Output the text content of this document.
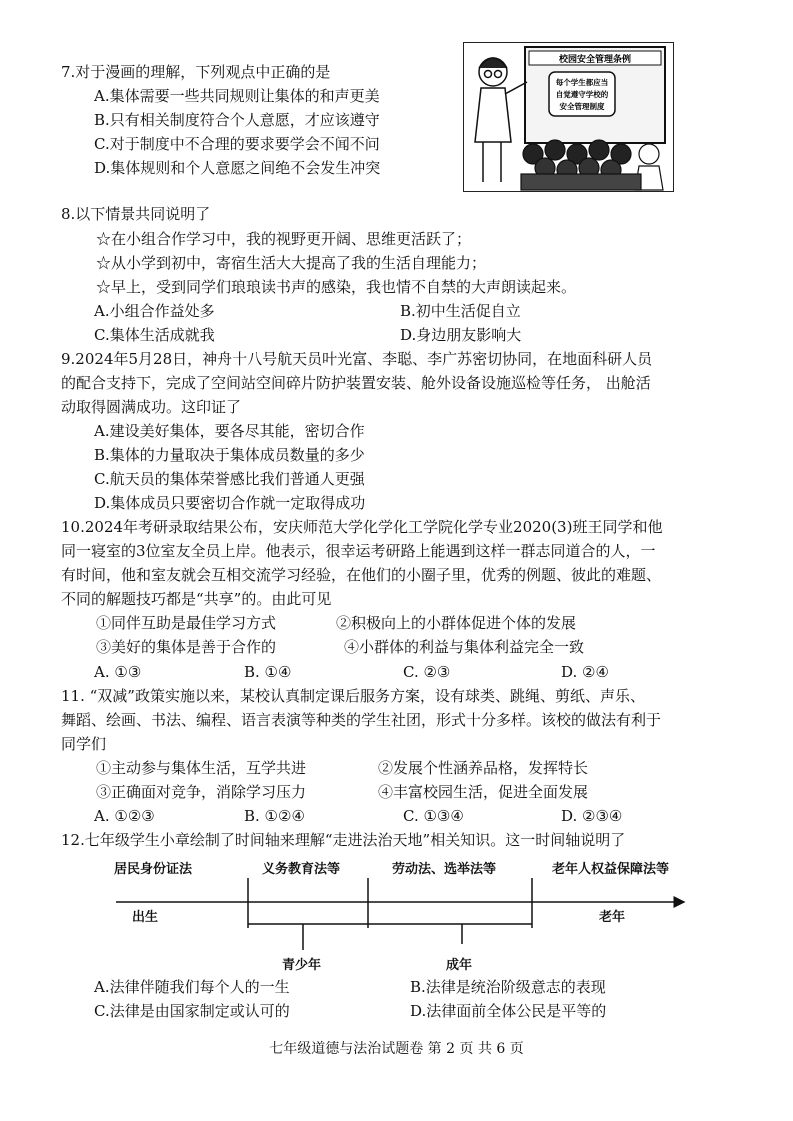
7.对于漫画的理解，下列观点中正确的是
A.集体需要一些共同规则让集体的和声更美
B.只有相关制度符合个人意愿，才应该遵守
C.对于制度中不合理的要求要学会不闻不问
D.集体规则和个人意愿之间绝不会发生冲突
校园安全管理条例
每个学生都应当
自觉遵守学校的
安全管理制度
8.以下情景共同说明了
☆在小组合作学习中，我的视野更开阔、思维更活跃了；
☆从小学到初中，寄宿生活大大提高了我的生活自理能力；
☆早上，受到同学们琅琅读书声的感染，我也情不自禁的大声朗读起来。
A.小组合作益处多	B.初中生活促自立
C.集体生活成就我	D.身边朋友影响大
9.2024年5月28日，神舟十八号航天员叶光富、李聪、李广苏密切协同，在地面科研人员
的配合支持下，完成了空间站空间碎片防护装置安装、舱外设备设施巡检等任务， 出舱活
动取得圆满成功。这印证了
A.建设美好集体，要各尽其能，密切合作
B.集体的力量取决于集体成员数量的多少
C.航天员的集体荣誉感比我们普通人更强
D.集体成员只要密切合作就一定取得成功
10.2024年考研录取结果公布，安庆师范大学化学化工学院化学专业2020(3)班王同学和他
同一寝室的3位室友全员上岸。他表示，很幸运考研路上能遇到这样一群志同道合的人，一
有时间，他和室友就会互相交流学习经验，在他们的小圈子里，优秀的例题、彼此的难题、
不同的解题技巧都是“共享”的。由此可见
①同伴互助是最佳学习方式	②积极向上的小群体促进个体的发展
③美好的集体是善于合作的	④小群体的利益与集体利益完全一致
A. ①③	B. ①④	C. ②③	D. ②④
11. “双减”政策实施以来，某校认真制定课后服务方案，设有球类、跳绳、剪纸、声乐、
舞蹈、绘画、书法、编程、语言表演等种类的学生社团，形式十分多样。该校的做法有利于
同学们
①主动参与集体生活，互学共进	②发展个性涵养品格，发挥特长
③正确面对竞争，消除学习压力	④丰富校园生活，促进全面发展
A. ①②③	B. ①②④	C. ①③④	D. ②③④
12.七年级学生小章绘制了时间轴来理解“走进法治天地”相关知识。这一时间轴说明了
居民身份证法	义务教育法等	劳动法、选举法等	老年人权益保障法等
出生	老年
青少年	成年
A.法律伴随我们每个人的一生	B.法律是统治阶级意志的表现
C.法律是由国家制定或认可的	D.法律面前全体公民是平等的
七年级道德与法治试题卷 第 2 页 共 6 页
